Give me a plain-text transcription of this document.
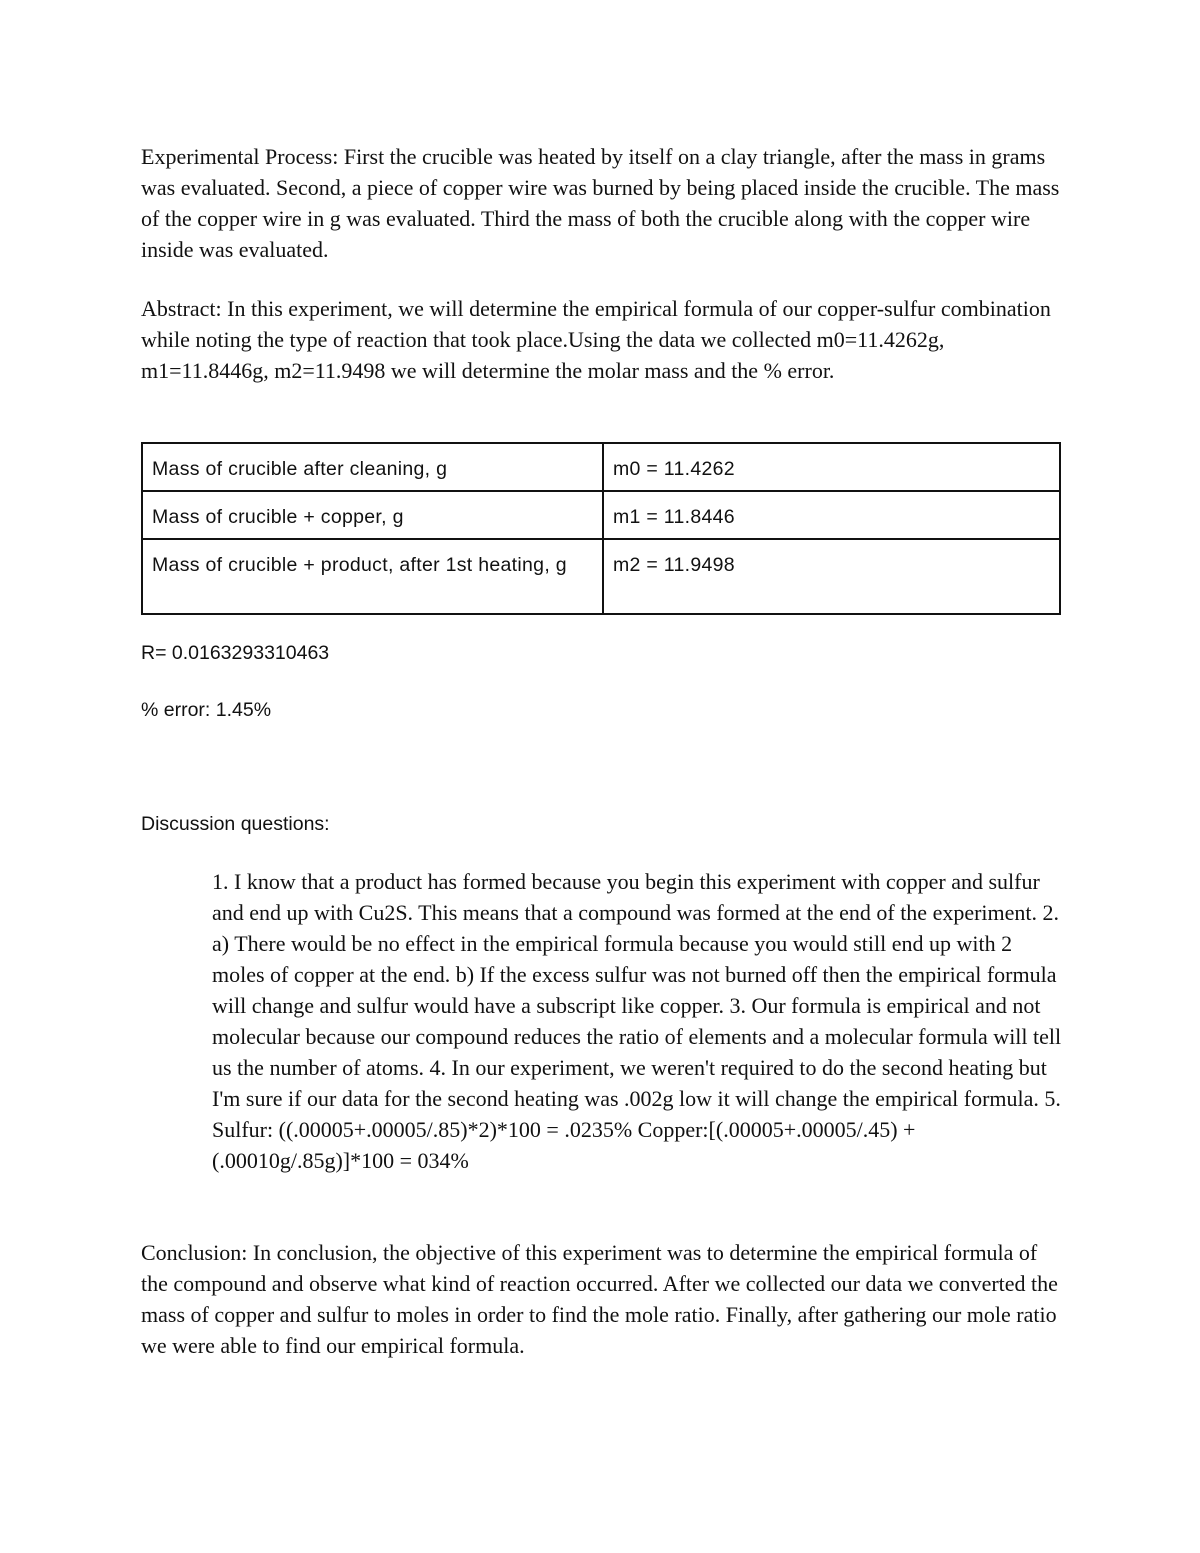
Experimental Process: First the crucible was heated by itself on a clay triangle, after the mass in grams was evaluated. Second, a piece of copper wire was burned by being placed inside the crucible. The mass of the copper wire in g was evaluated. Third the mass of both the crucible along with the copper wire inside was evaluated.

Abstract: In this experiment, we will determine the empirical formula of our copper-sulfur combination while noting the type of reaction that took place.Using the data we collected m0=11.4262g, m1=11.8446g, m2=11.9498 we will determine the molar mass and the % error.

Mass of crucible after cleaning, g	m0 = 11.4262
Mass of crucible + copper, g	m1 = 11.8446
Mass of crucible + product, after 1st heating, g	m2 = 11.9498

R= 0.0163293310463

% error: 1.45%

Discussion questions:

1. I know that a product has formed because you begin this experiment with copper and sulfur and end up with Cu2S. This means that a compound was formed at the end of the experiment. 2. a) There would be no effect in the empirical formula because you would still end up with 2 moles of copper at the end. b) If the excess sulfur was not burned off then the empirical formula will change and sulfur would have a subscript like copper. 3. Our formula is empirical and not molecular because our compound reduces the ratio of elements and a molecular formula will tell us the number of atoms. 4. In our experiment, we weren't required to do the second heating but I'm sure if our data for the second heating was .002g low it will change the empirical formula. 5. Sulfur: ((.00005+.00005/.85)*2)*100 = .0235% Copper:[(.00005+.00005/.45) + (.00010g/.85g)]*100 = 034%

Conclusion: In conclusion, the objective of this experiment was to determine the empirical formula of the compound and observe what kind of reaction occurred. After we collected our data we converted the mass of copper and sulfur to moles in order to find the mole ratio. Finally, after gathering our mole ratio we were able to find our empirical formula.
